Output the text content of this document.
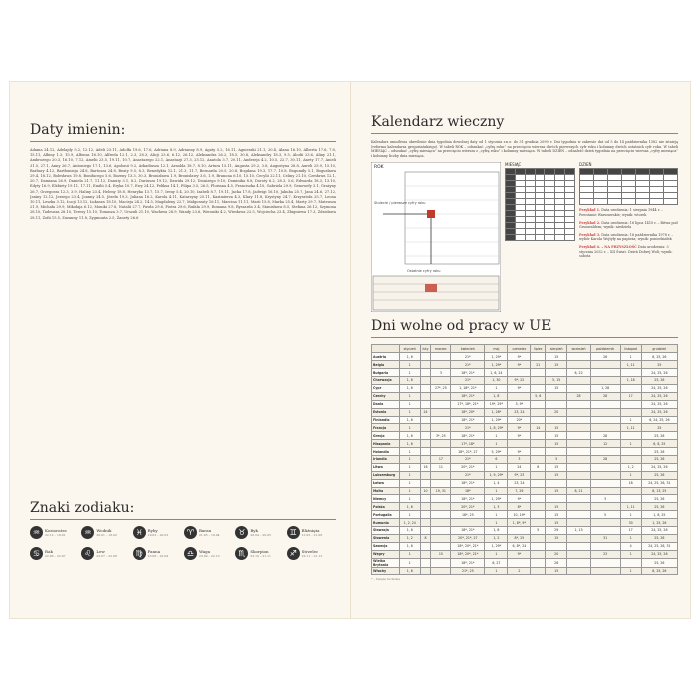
Daty imienin:
Adama 24.12, Adelajdy 5.2, 12.12, Adeli 23.11, Adolfa 19.6, 17.6, Adriana 8.9, Adrianny 8.9, Agaty 5.2, 16.11, Agnieszki 21.1, 20.4, Alana 16.10, Alberta 17.6, 7.8, 15.11, Albiny 1.3, 15.9, Alfonsa 16.10, Alfreda 12.1, 2.3, 28.3, Alicji 23.6, 6.12, 26.12, Aleksandra 26.2, 18.5, 30.8, Aleksandry 18.3, 9.5, Alodii 23.6, Aliny 21.1, Ambrożego 20.3, 16.10, 7.12, Amelii 23.5, 19.11, 10.7, Anastazego 22.1, Anastazji 27.3, 25.12, Anatola 3.7, 20.11, Andrzeja 4.2, 10.5, 22.7, 30.11, Anety 17.7, Anieli 31.5, 27.1, Anny 26.7, Antoniego 17.1, 13.6, Apolonii 9.2, Arkadiusza 12.1, Arnolda 18.7, 8.10, Artura 15.11, Augusta 29.2, 3.8, Augustyna 28.8, Aureli 25.9, 15.10, Barbary 4.12, Bartłomieja 24.8, Bartosza 24.8, Beaty 9.5, 8.3, Benedykta 12.1, 21.3, 11.7, Bernarda 20.5, 20.8, Bogdana 19.3, 17.7, 10.8, Bogumiły 5.1, Bogusława 29.4, 18.12, Bolesława 19.8, Bonifacego 5.6, Bożeny 13.3, 30.3, Bronisława 1.9, Bronisławy 3.6, 1.9, Brunona 6.10, 15.10, Cecylii 22.11, Celiny 21.10, Czesława 12.1, 20.7, Damiana 26.9, Daniela 21.7, 11.12, Danuty 3.1, 8.2, Dariusza 19.12, Dawida 29.12, Dionizego 9.10, Dominika 8.8, Doroty 6.2, 28.3, 5.6, Edwarda 18.3, 13.10, Edyty 16.9, Elżbiety 19.11, 17.11, Emilii 5.4, Eryka 10.7, Ewy 24.12, Feliksa 14.1, Filipa 3.5, 26.5, Floriana 4.5, Franciszka 4.10, Gabriela 29.9, Genowefy 3.1, Grażyny 26.7, Grzegorza 12.3, 3.9, Haliny 23.4, Heleny 18.8, Henryka 13.7, 15.7, Ireny 5.4, 20.10, Izabeli 8.7, 19.11, Jacka 17.8, Jadwigi 16.10, Jakuba 25.7, Jana 24.6, 27.12, Janiny 12.12, Jerzego 23.4, Joanny 24.5, Józefa 19.3, Juliana 16.2, Karola 4.11, Katarzyny 25.11, Kazimierza 4.3, Klary 11.8, Krystyny 24.7, Krzysztofa 25.7, Leona 10.11, Leszka 3.12, Łucji 13.12, Łukasza 18.10, Macieja 24.2, 14.5, Magdaleny 22.7, Małgorzaty 16.11, Marcina 11.11, Marii 15.8, Marka 25.4, Marty 29.7, Mateusza 21.9, Michała 29.9, Mikołaja 6.12, Moniki 27.8, Natalii 27.7, Pawła 29.6, Piotra 29.6, Rafała 29.9, Romana 9.8, Ryszarda 3.4, Stanisława 8.5, Stefana 26.12, Szymona 28.10, Tadeusza 28.10, Teresy 15.10, Tomasza 3.7, Urszuli 21.10, Wacława 28.9, Wandy 23.6, Weroniki 4.2, Wiesława 22.5, Wojciecha 23.4, Zbigniewa 17.3, Zdzisława 28.11, Zofii 15.5, Zuzanny 11.8, Zygmunta 2.5, Żanety 26.6
Znaki zodiaku:
♒	Koziorożec
22.12 – 19.01	♒	Wodnik
20.01 – 18.02	♓	Ryby
19.02 – 20.03	♈	Baran
21.03 – 19.04	♉	Byk
20.04 – 20.05	♊	Bliźnięta
21.05 – 21.06
♋	Rak
22.06 – 22.07	♌	Lew
23.07 – 22.08	♍	Panna
23.08 – 22.09	♎	Waga
23.09 – 22.10	♏	Skorpion
23.10 – 21.11	♐	Strzelec
22.11 – 21.12
Kalendarz wieczny
Kalendarz umożliwia określenie dnia tygodnia dowolnej daty od 1 stycznia r.n.e. do 31 grudnia 2099 r. Dni tygodnia w zakresie dat od 5 do 14 października 1582 nie istnieją (reforma kalendarza gregoriańskiego). W tabeli ROK – odszukać „cyfrę roku” na przecięciu wiersza dwóch pierwszych cyfr roku i kolumny dwóch ostatnich cyfr roku. W tabeli MIESIĄC – odszukać „cyfrę miesiąca” na przecięciu wiersza z „cyfrą roku” i kolumny miesiąca. W tabeli DZIEŃ – odnaleźć dzień tygodnia na przecięciu wiersza „cyfry miesiąca” i kolumny liczby dnia miesiąca.
ROK
Stulecie / pierwsze cyfry roku
Ostatnie cyfry roku
MIESIĄC	DZIEŃ
Przykład 1. Data urodzenia: 1 sierpnia 1944 r. – Powstanie Warszawskie; wynik: wtorek
Przykład 2. Data urodzenia: 16 lipca 1410 r. – Bitwa pod Grunwaldem; wynik: niedziela
Przykład 3. Data urodzenia: 16 października 1978 r. – wybór Karola Wojtyły na papieża; wynik: poniedziałek
Przykład 4. – NA PRZYSZŁOŚĆ Data urodzenia: 3 stycznia 2032 r. – XII Świat. Dzień Dobrej Woli; wynik: sobota
Dni wolne od pracy w UE
	styczeń	luty	marzec	kwiecień	maj	czerwiec	lipiec	sierpień	wrzesień	październik	listopad	grudzień
Austria	1, 6			21*	1, 29*	9*		15		26	1	8, 25, 26
Belgia	1			21*	1, 29*	9*	21	15			1, 11	25
Bułgaria	1		3	18*, 21*	1, 6, 24				6, 22			24, 25, 26
Chorwacja	1, 6			21*	1, 30	9*, 22		5, 15			1, 18	25, 26
Cypr	1, 6		27*, 25	1, 18*, 21*	1	9*		15		1, 28		24, 25, 26
Czechy	1			18*, 21*	1, 8		5, 6		28	28	17	24, 25, 26
Dania	1			17*, 18*, 21*	19*, 29*	5, 9*						24, 25, 26
Estonia	1	24		18*, 20*	1, 28*	23, 24		20				24, 25, 26
Finlandia	1, 6			18*, 21*	1, 29*	20*					1	6, 24, 25, 26
Francja	1			21*	1, 8, 29*	9*	14	15			1, 11	25
Grecja	1, 6		3*, 25	18*, 21*	1	9*		15		28		25, 26
Hiszpania	1, 6			17*, 18*	1			15		12	1	6, 8, 25
Holandia	1			18*, 21*, 27	5, 29*	9*						25, 26
Irlandia	1		17	21*	6	3		5		28		25, 26
Litwa	1	16	11	20*, 21*	1	24	6	15			1, 2	24, 25, 26
Luksemburg	1			21*	1, 9, 29*	9*, 23		15			1	25, 26
Łotwa	1			18*, 21*	1, 4	23, 24					18	24, 25, 26, 31
Malta	1	10	19, 31	18*	1	7, 29		15	8, 21			8, 13, 25
Niemcy	1			18*, 21*	1, 29*	9*				3		25, 26
Polska	1, 6			20*, 21*	1, 3	8*		15			1, 11	25, 26
Portugalia	1			18*, 25	1	10, 19*		15		5	1	1, 8, 25
Rumunia	1, 2, 24				1	1, 8*, 9*		15			30	1, 25, 26
Słowacja	1, 6			18*, 21*	1, 8		5	29	1, 15		17	24, 25, 26
Słowenia	1, 2	8		20*, 21*, 27	1, 2	8*, 25		15		31	1	25, 26
Szwecja	1, 6			18*, 20*, 21*	1, 29*	6, 8*, 24					4	24, 25, 26, 31
Węgry	1		15	18*, 20*, 21*	1	9*		20		23	1	24, 25, 26
Wielka Brytania	1			18*, 21*	6, 27			26				25, 26
Włochy	1, 6			21*, 25	1	2		15			1	8, 25, 26
* – święta ruchome
